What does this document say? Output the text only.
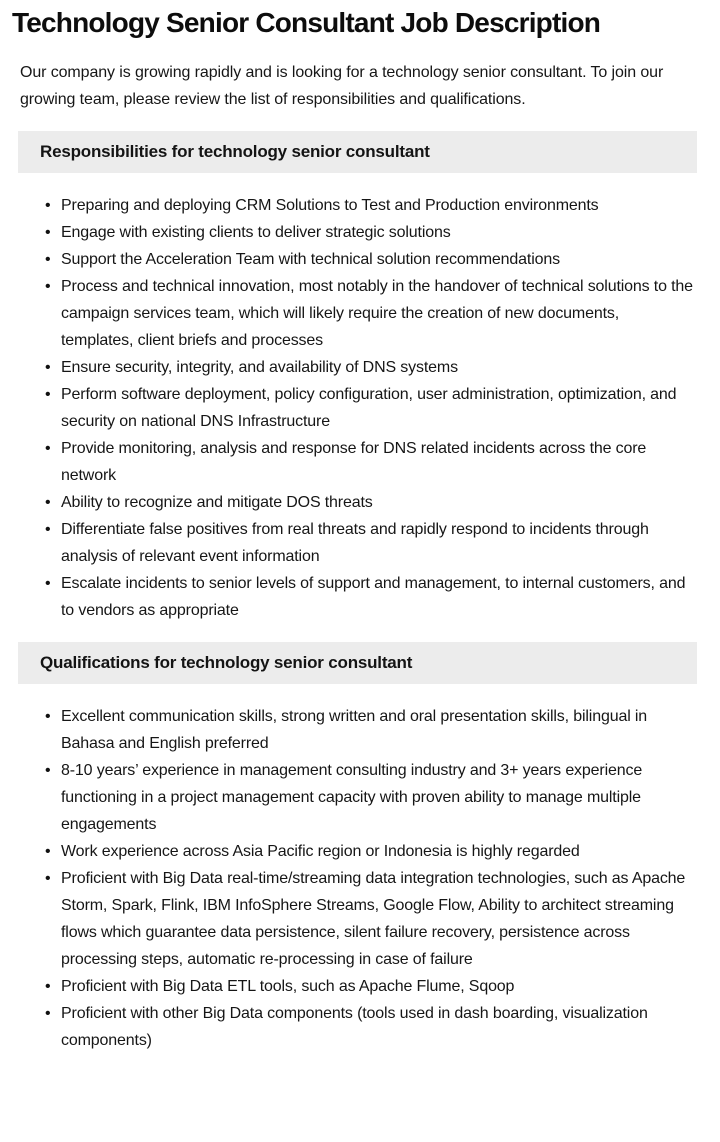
Technology Senior Consultant Job Description

Our company is growing rapidly and is looking for a technology senior consultant. To join our growing team, please review the list of responsibilities and qualifications.

Responsibilities for technology senior consultant
• Preparing and deploying CRM Solutions to Test and Production environments
• Engage with existing clients to deliver strategic solutions
• Support the Acceleration Team with technical solution recommendations
• Process and technical innovation, most notably in the handover of technical solutions to the campaign services team, which will likely require the creation of new documents, templates, client briefs and processes
• Ensure security, integrity, and availability of DNS systems
• Perform software deployment, policy configuration, user administration, optimization, and security on national DNS Infrastructure
• Provide monitoring, analysis and response for DNS related incidents across the core network
• Ability to recognize and mitigate DOS threats
• Differentiate false positives from real threats and rapidly respond to incidents through analysis of relevant event information
• Escalate incidents to senior levels of support and management, to internal customers, and to vendors as appropriate
Qualifications for technology senior consultant
• Excellent communication skills, strong written and oral presentation skills, bilingual in Bahasa and English preferred
• 8-10 years’ experience in management consulting industry and 3+ years experience functioning in a project management capacity with proven ability to manage multiple engagements
• Work experience across Asia Pacific region or Indonesia is highly regarded
• Proficient with Big Data real-time/streaming data integration technologies, such as Apache Storm, Spark, Flink, IBM InfoSphere Streams, Google Flow, Ability to architect streaming flows which guarantee data persistence, silent failure recovery, persistence across processing steps, automatic re-processing in case of failure
• Proficient with Big Data ETL tools, such as Apache Flume, Sqoop
• Proficient with other Big Data components (tools used in dash boarding, visualization components)
